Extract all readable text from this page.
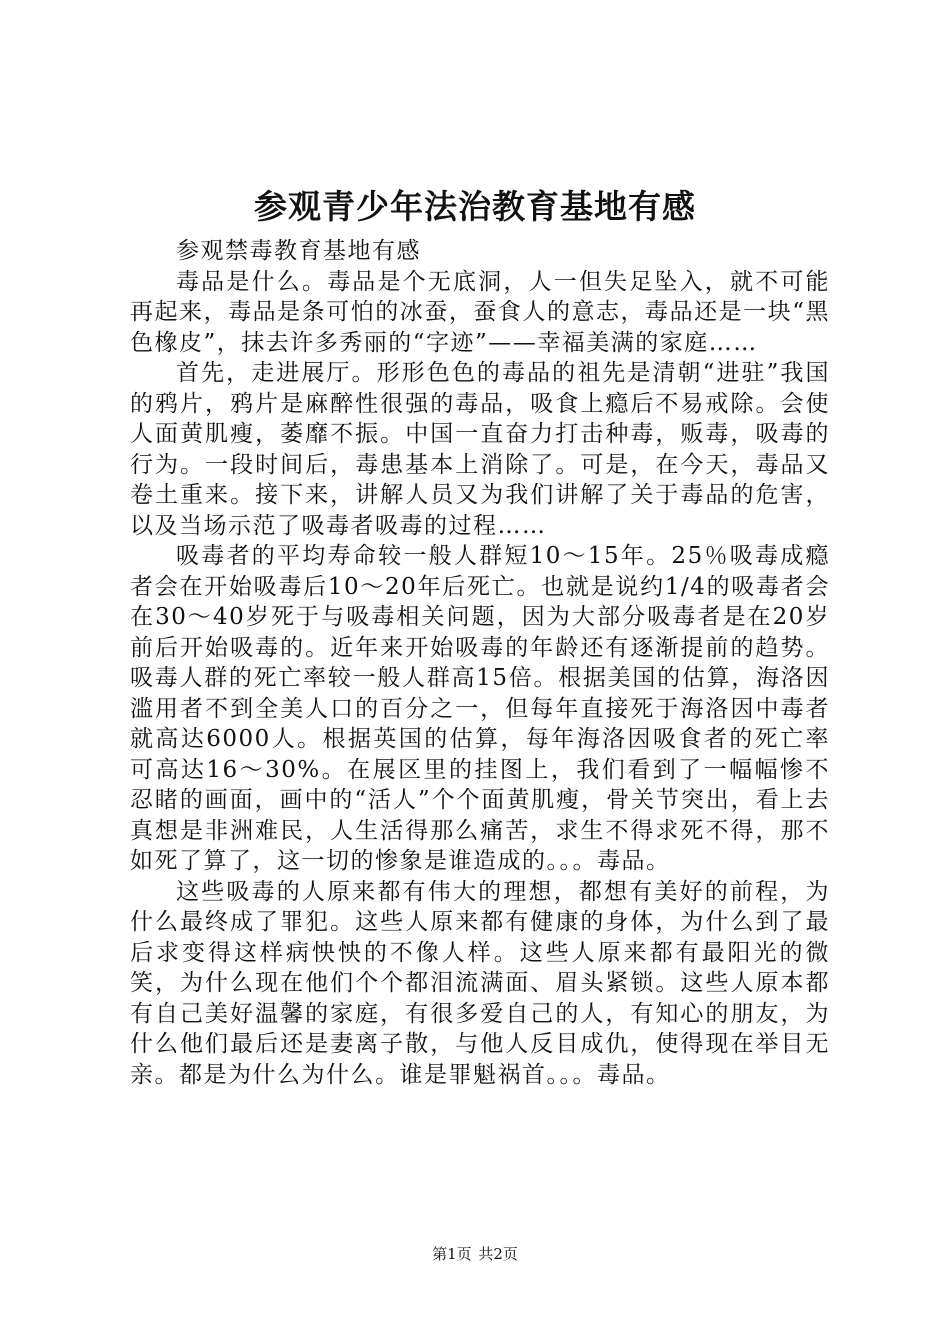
参观青少年法治教育基地有感

参观禁毒教育基地有感

毒品是什么。毒品是个无底洞，人一但失足坠入，就不可能再起来，毒品是条可怕的冰蚕，蚕食人的意志，毒品还是一块“黑色橡皮”，抹去许多秀丽的“字迹”——幸福美满的家庭……

首先，走进展厅。形形色色的毒品的祖先是清朝“进驻”我国的鸦片，鸦片是麻醉性很强的毒品，吸食上瘾后不易戒除。会使人面黄肌瘦，萎靡不振。中国一直奋力打击种毒，贩毒，吸毒的行为。一段时间后，毒患基本上消除了。可是，在今天，毒品又卷土重来。接下来，讲解人员又为我们讲解了关于毒品的危害，以及当场示范了吸毒者吸毒的过程……

吸毒者的平均寿命较一般人群短10～15年。25％吸毒成瘾者会在开始吸毒后10～20年后死亡。也就是说约1/4的吸毒者会在30～40岁死于与吸毒相关问题，因为大部分吸毒者是在20岁前后开始吸毒的。近年来开始吸毒的年龄还有逐渐提前的趋势。吸毒人群的死亡率较一般人群高15倍。根据美国的估算，海洛因滥用者不到全美人口的百分之一，但每年直接死于海洛因中毒者就高达6000人。根据英国的估算，每年海洛因吸食者的死亡率可高达16～30%。在展区里的挂图上，我们看到了一幅幅惨不忍睹的画面，画中的“活人”个个面黄肌瘦，骨关节突出，看上去真想是非洲难民，人生活得那么痛苦，求生不得求死不得，那不如死了算了，这一切的惨象是谁造成的。。。毒品。

这些吸毒的人原来都有伟大的理想，都想有美好的前程，为什么最终成了罪犯。这些人原来都有健康的身体，为什么到了最后求变得这样病怏怏的不像人样。这些人原来都有最阳光的微笑，为什么现在他们个个都泪流满面、眉头紧锁。这些人原本都有自己美好温馨的家庭，有很多爱自己的人，有知心的朋友，为什么他们最后还是妻离子散，与他人反目成仇，使得现在举目无亲。都是为什么为什么。谁是罪魁祸首。。。毒品。

第1页 共2页
